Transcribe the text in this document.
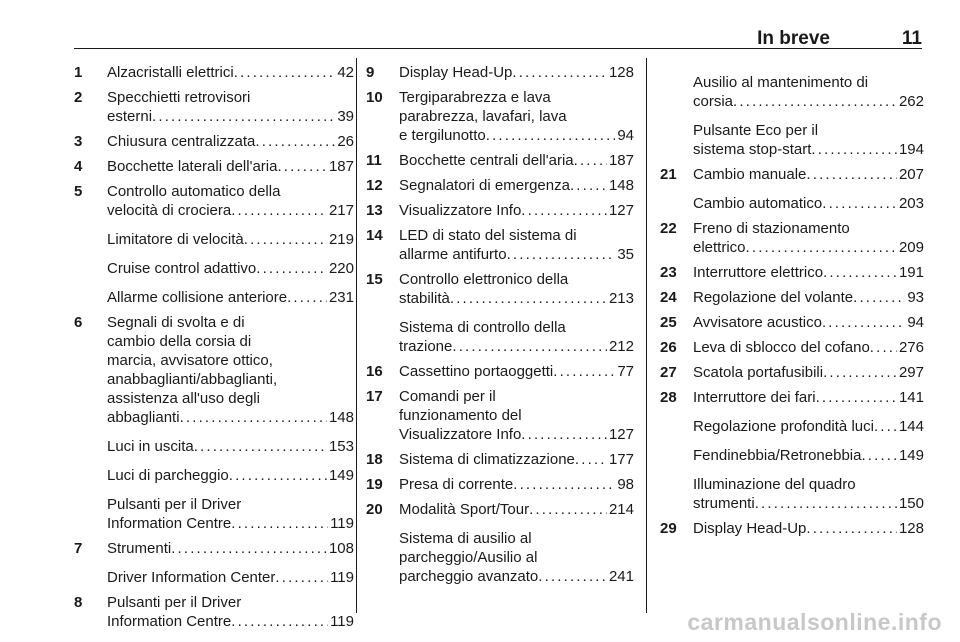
In breve	11
1 Alzacristalli elettrici . . .	42
2 Specchietti retrovisori
esterni . . .	39
3 Chiusura centralizzata . . .	26
4 Bocchette laterali dell'aria . . .	187
5 Controllo automatico della
velocità di crociera . . .	217
Limitatore di velocità . . .	219
Cruise control adattivo . . .	220
Allarme collisione anteriore . . .	231
6 Segnali di svolta e di
cambio della corsia di
marcia, avvisatore ottico,
anabbaglianti/abbaglianti,
assistenza all'uso degli
abbaglianti . . .	148
Luci in uscita . . .	153
Luci di parcheggio . . .	149
Pulsanti per il Driver
Information Centre . . .	119
7 Strumenti . . .	108
Driver Information Center . . .	119
8 Pulsanti per il Driver
Information Centre . . .	119
9 Display Head-Up . . .	128
10 Tergiparabrezza e lava
parabrezza, lavafari, lava
e tergilunotto . . .	94
11 Bocchette centrali dell'aria . . . 187
12 Segnalatori di emergenza . . .	148
13 Visualizzatore Info . . .	127
14 LED di stato del sistema di
allarme antifurto . . .	35
15 Controllo elettronico della
stabilità . . .	213
Sistema di controllo della
trazione . . .	212
16 Cassettino portaoggetti . . .	77
17 Comandi per il
funzionamento del
Visualizzatore Info . . .	127
18 Sistema di climatizzazione . . . 177
19 Presa di corrente . . .	98
20 Modalità Sport/Tour . . .	214
Sistema di ausilio al
parcheggio/Ausilio al
parcheggio avanzato . . .	241
Ausilio al mantenimento di
corsia . . .	262
Pulsante Eco per il
sistema stop-start . . .	194
21 Cambio manuale . . .	207
Cambio automatico . . .	203
22 Freno di stazionamento
elettrico . . .	209
23 Interruttore elettrico . . .	191
24 Regolazione del volante . . .	93
25 Avvisatore acustico . . .	94
26 Leva di sblocco del cofano . . . 276
27 Scatola portafusibili . . .	297
28 Interruttore dei fari . . .	141
Regolazione profondità luci . . . 144
Fendinebbia/Retronebbia . . .	149
Illuminazione del quadro
strumenti . . .	150
29 Display Head-Up . . .	128
carmanualsonline.info
